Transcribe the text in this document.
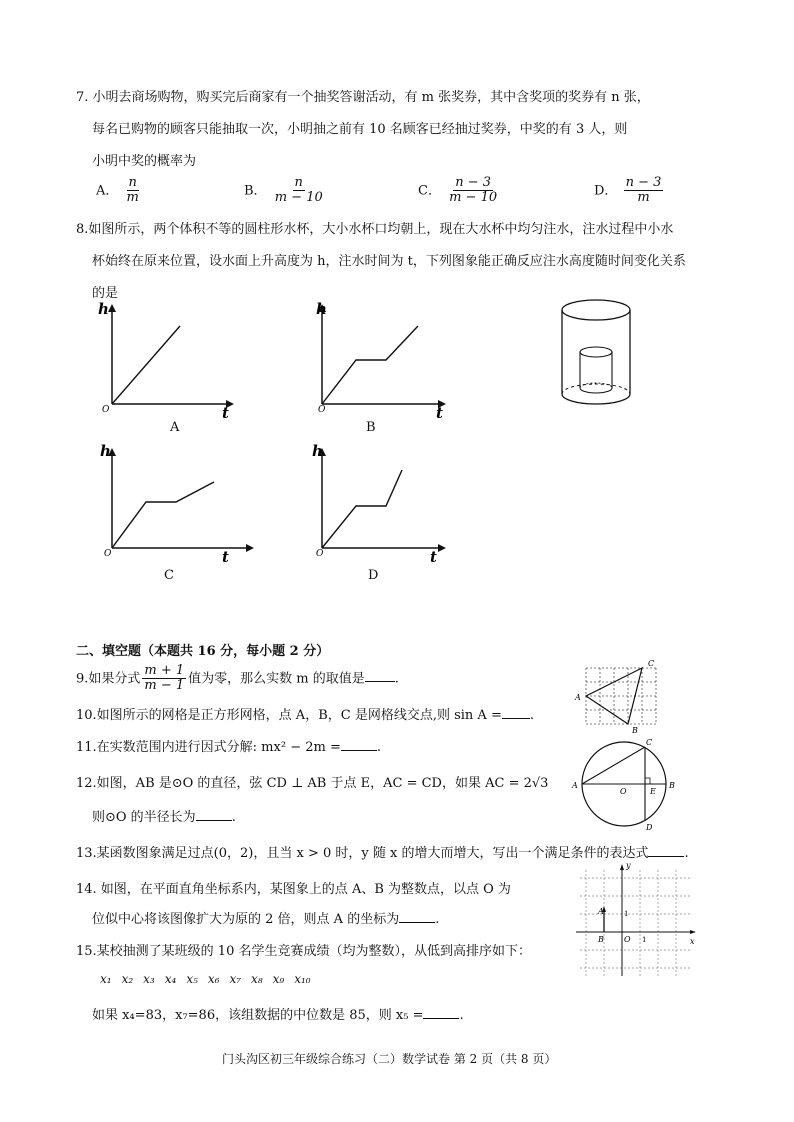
7. 小明去商场购物，购买完后商家有一个抽奖答谢活动，有 m 张奖券，其中含奖项的奖券有 n 张，
每名已购物的顾客只能抽取一次，小明抽之前有 10 名顾客已经抽过奖券，中奖的有 3 人，则
小明中奖的概率为
A． $\frac{n}{m}$	B． $\frac{n}{m - 10}$	C． $\frac{n - 3}{m - 10}$	D． $\frac{n - 3}{m}$
8.如图所示，两个体积不等的圆柱形水杯，大小水杯口均朝上，现在大水杯中均匀注水，注水过程中小水
杯始终在原来位置，设水面上升高度为 h，注水时间为 t，下列图象能正确反应注水高度随时间变化关系
的是
h
t
O
A
h
t
O
B
h
t
O
C
h
t
O
D
二、填空题（本题共 16 分，每小题 2 分）
9.如果分式 $\frac{m + 1}{m - 1}$ 值为零，那么实数 m 的取值是 .
10.如图所示的网格是正方形网格，点 A，B，C 是网格线交点,则 sin A = .
A
C
B
11.在实数范围内进行因式分解: mx² − 2m =	.
12.如图，AB 是⊙O 的直径，弦 CD ⊥ AB 于点 E，AC = CD，如果 AC = 2√3
则⊙O 的半径长为	.
A	B
C
D
E
O
13.某函数图象满足过点(0，2)，且当 x > 0 时，y 随 x 的增大而增大，写出一个满足条件的表达式	.
14. 如图，在平面直角坐标系内，某图象上的点 A、B 为整数点，以点 O 为
位似中心将该图像扩大为原的 2 倍，则点 A 的坐标为	.
y
x
A
B	O 1
1
15.某校抽测了某班级的 10 名学生竞赛成绩（均为整数），从低到高排序如下：
x₁ x₂ x₃ x₄ x₅ x₆ x₇ x₈ x₉ x₁₀
如果 x₄=83，x₇=86，该组数据的中位数是 85，则 x₅ =	.
门头沟区初三年级综合练习（二）数学试卷 第 2 页（共 8 页）
